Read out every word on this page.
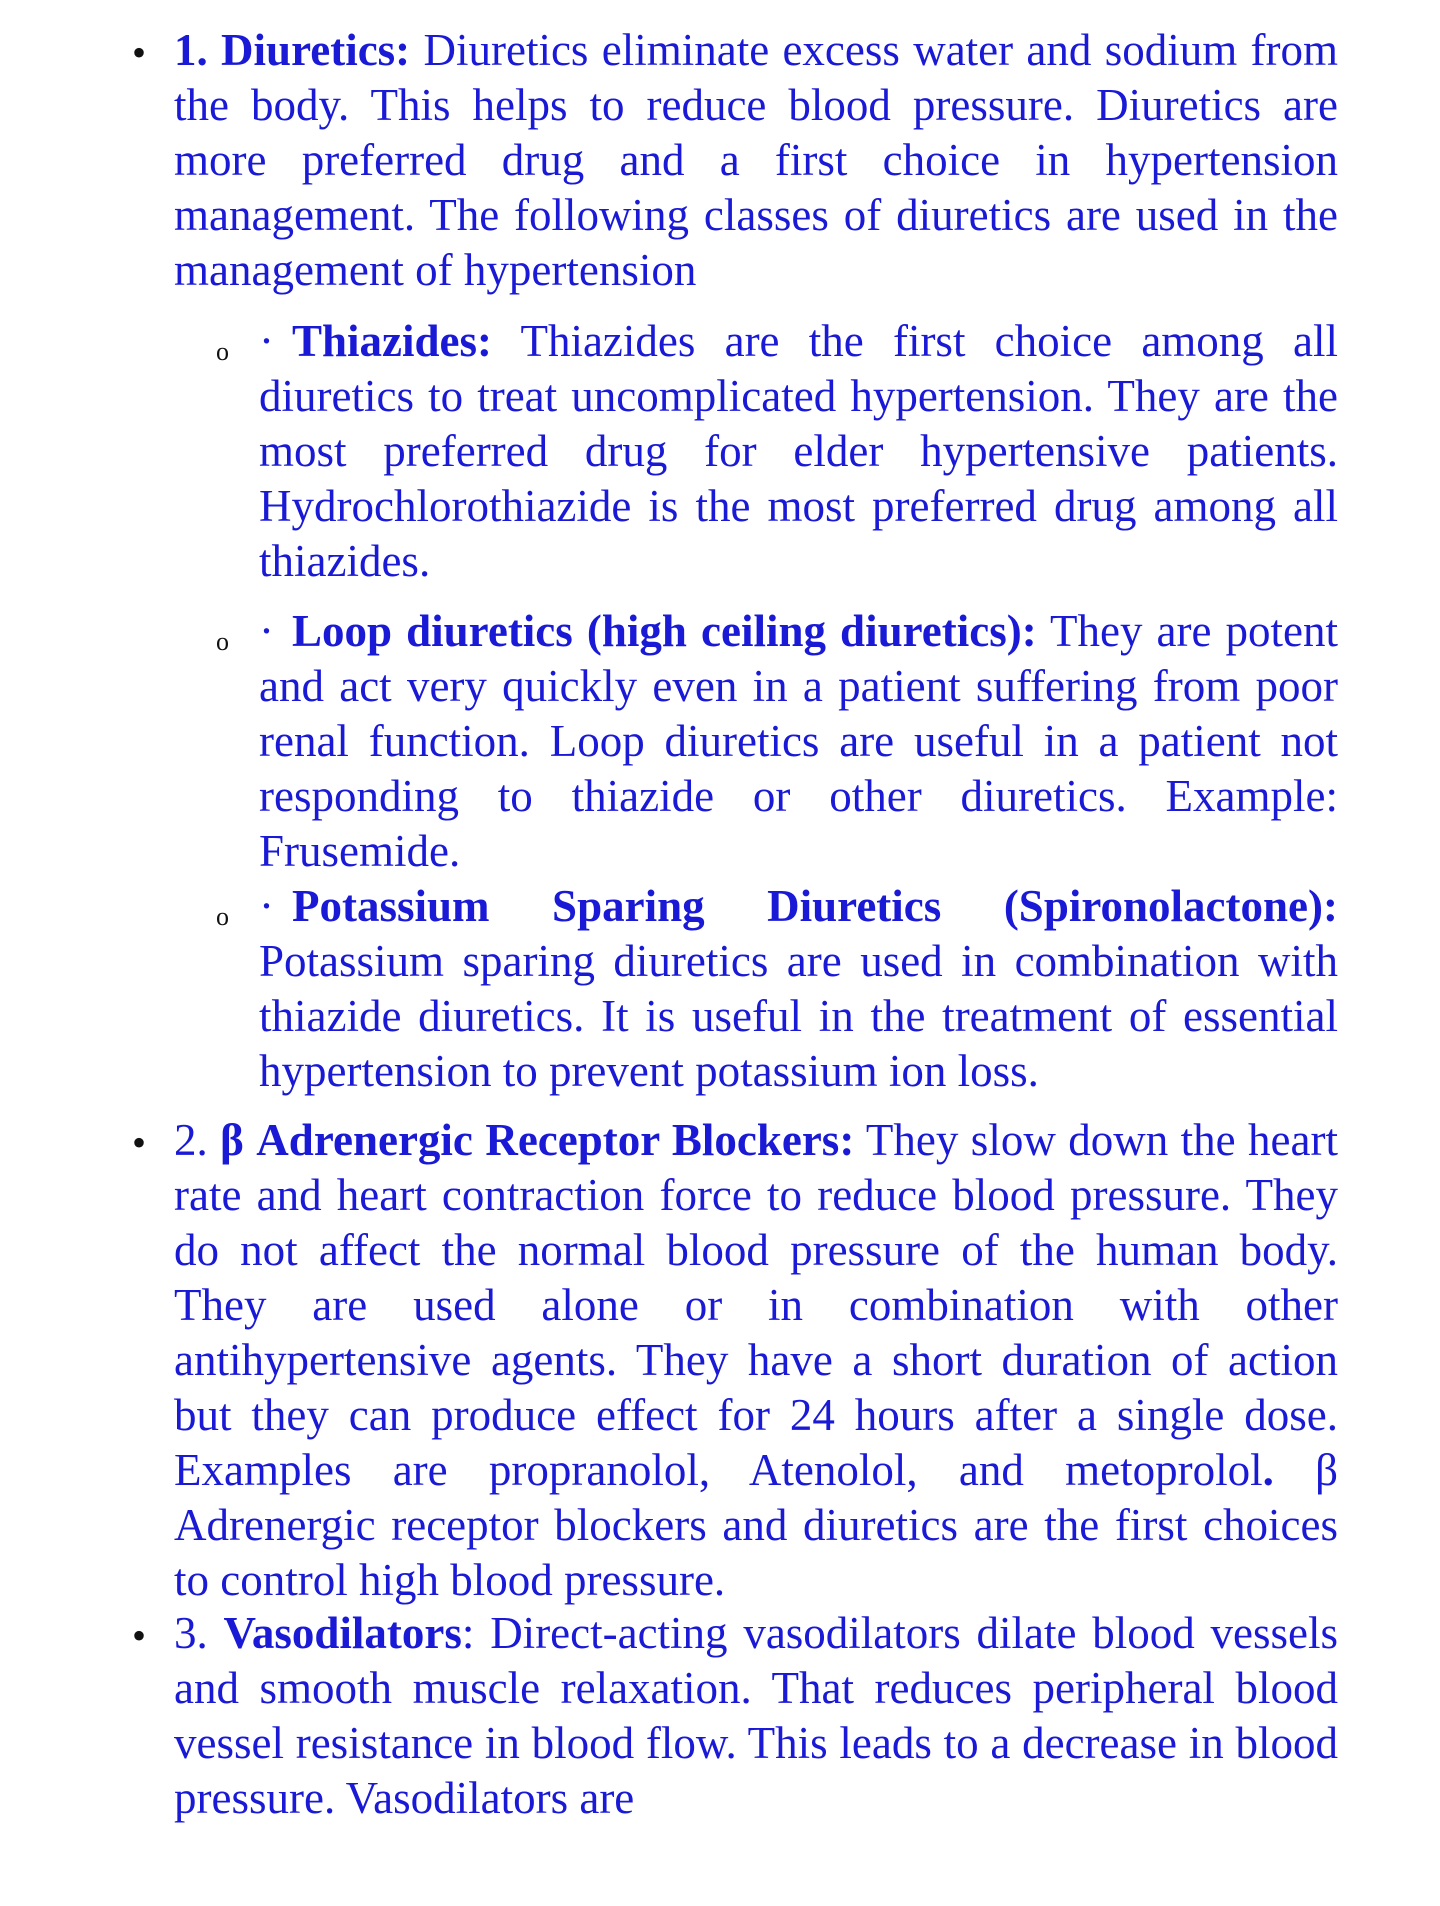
• 1. Diuretics: Diuretics eliminate excess water and sodium from the body. This helps to reduce blood pressure. Diuretics are more preferred drug and a first choice in hypertension management. The following classes of diuretics are used in the management of hypertension
o · Thiazides: Thiazides are the first choice among all diuretics to treat uncomplicated hypertension. They are the most preferred drug for elder hypertensive patients. Hydrochlorothiazide is the most preferred drug among all thiazides.
o · Loop diuretics (high ceiling diuretics): They are potent and act very quickly even in a patient suffering from poor renal function. Loop diuretics are useful in a patient not responding to thiazide or other diuretics. Example: Frusemide.
o · Potassium Sparing Diuretics (Spironolactone): Potassium sparing diuretics are used in combination with thiazide diuretics. It is useful in the treatment of essential hypertension to prevent potassium ion loss.
• 2. β Adrenergic Receptor Blockers: They slow down the heart rate and heart contraction force to reduce blood pressure. They do not affect the normal blood pressure of the human body. They are used alone or in combination with other antihypertensive agents. They have a short duration of action but they can produce effect for 24 hours after a single dose. Examples are propranolol, Atenolol, and metoprolol. β Adrenergic receptor blockers and diuretics are the first choices to control high blood pressure.
• 3. Vasodilators: Direct-acting vasodilators dilate blood vessels and smooth muscle relaxation. That reduces peripheral blood vessel resistance in blood flow. This leads to a decrease in blood pressure. Vasodilators are
